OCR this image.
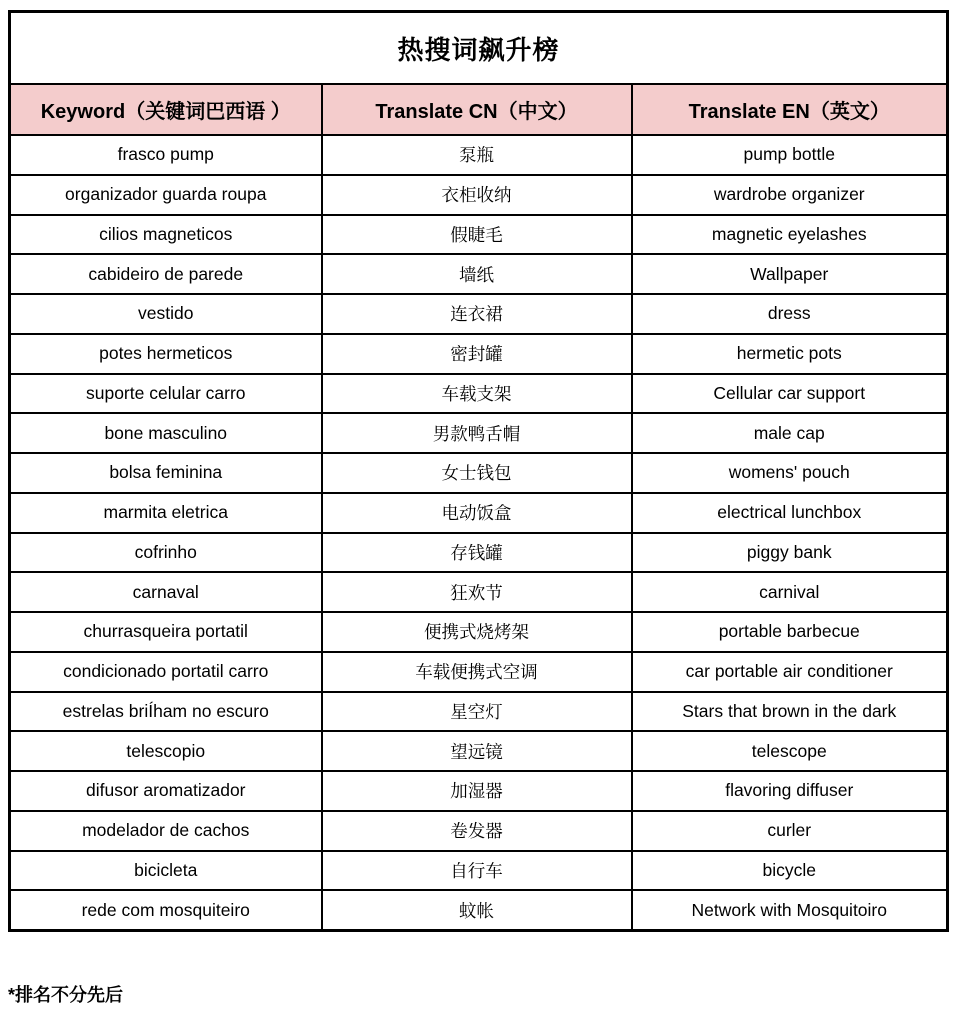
热搜词飙升榜		
Keyword（关键词巴西语 ）	Translate CN（中文）	Translate EN（英文）
frasco pump	泵瓶	pump bottle
organizador guarda roupa	衣柜收纳	wardrobe organizer
cilios magneticos	假睫毛	magnetic eyelashes
cabideiro de parede	墙纸	Wallpaper
vestido	连衣裙	dress
potes hermeticos	密封罐	hermetic pots
suporte celular carro	车载支架	Cellular car support
bone masculino	男款鸭舌帽	male cap
bolsa feminina	女士钱包	womens' pouch
marmita eletrica	电动饭盒	electrical lunchbox
cofrinho	存钱罐	piggy bank
carnaval	狂欢节	carnival
churrasqueira portatil	便携式烧烤架	portable barbecue
condicionado portatil carro	车载便携式空调	car portable air conditioner
estrelas briÍham no escuro	星空灯	Stars that brown in the dark
telescopio	望远镜	telescope
difusor aromatizador	加湿器	flavoring diffuser
modelador de cachos	卷发器	curler
bicicleta	自行车	bicycle
rede com mosquiteiro	蚊帐	Network with Mosquitoiro
*排名不分先后
